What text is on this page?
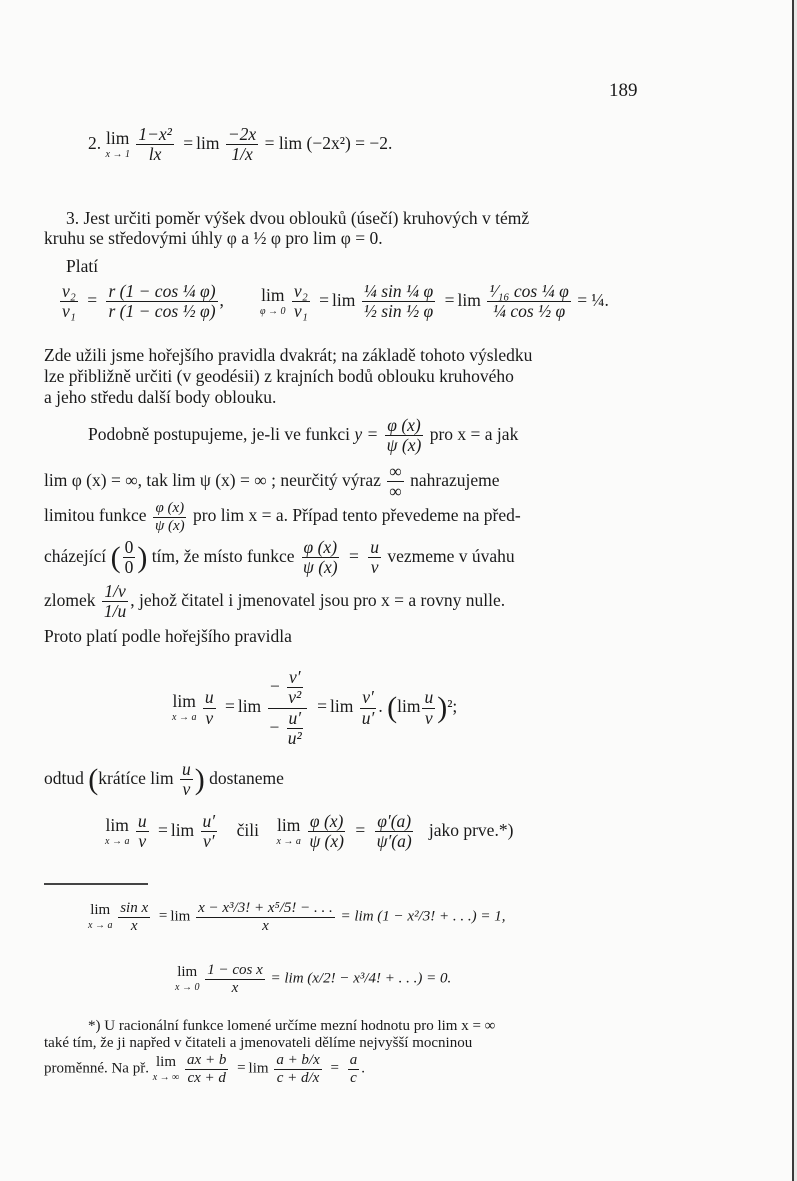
189
2. lim
x → 1
$\frac{\text{1−x²}}{lx} = \lim \frac{-2x}{1/x} = \lim (-2x^2) = -2$.
3. Jest určiti poměr výšek dvou oblouků (úsečí) kruhových v témž
kruhu se středovými úhly φ a ½ φ pro lim φ = 0.
Platí
$\frac{\text{v₂}}{\text{v₁}} = \frac{\text{r (1 − cos ¼ φ)}}{\text{r (1 − cos ½ φ)}}$ , lim
φ → 0
$\frac{\text{v₂}}{\text{v₁}} = \lim \frac{\text{¼ sin ¼ φ}}{\text{½ sin ½ φ}} = \lim \frac{\text{¹⁄₁₆ cos ¼ φ}}{\text{¼ cos ½ φ}}$ = ¼.
Zde užili jsme hořejšího pravidla dvakrát; na základě tohoto výsledku
lze přibližně určiti (v geodésii) z krajních bodů oblouku kruhového
a jeho středu další body oblouku.
Podobně postupujeme, je-li ve funkci $y = \frac{\varphi (x)}{\psi (x)}$ pro x = a jak
lim φ (x) = ∞, tak lim ψ (x) = ∞ ; neurčitý výraz $\frac{\infty}{\infty}$ nahrazujeme
limitou funkce $\frac{\varphi (x)}{\psi (x)}$ pro lim x = a. Případ tento převedeme na před-
cházející ( $\frac{0}{0}$ ) tím, že místo funkce $\frac{\varphi (x)}{\psi (x)} = \frac{u}{v}$ vezmeme v úvahu
zlomek $\frac{1/v}{1/u}$ , jehož čitatel i jmenovatel jsou pro x = a rovny nulle.
Proto platí podle hořejšího pravidla
lim
x → a
$\frac{u}{v} = \lim \frac{- \frac{v'}{\text{v²}}}{- \frac{u'}{\text{u²}}} = \lim \frac{v'}{u'}$ . $(\lim \frac{u}{v} )^2$;
odtud (krátíce $\lim \frac{u}{v}$ ) dostaneme
lim
x → a
$\frac{u}{v} = \lim \frac{u'}{v'}$ čili lim
x → a
$\frac{\varphi (x)}{\psi (x)} = \frac{\varphi'(a)}{\psi'(a)}$ jako prve.*)
lim
x → a
$\frac{\text{sin x}}{x} = \lim \frac{\text{x − x³/3! + x⁵/5! − . . .}}{x} = \lim (1 - x^2/3$! + . . .) = 1,
lim
x → 0
$\frac{\text{1 − cos x}}{x} = \lim (x/2$! − x³/4! + . . .) = 0.
*) U racionální funkce lomené určíme mezní hodnotu pro lim x = ∞
také tím, že ji napřed v čitateli a jmenovateli dělíme nejvyšší mocninou
proměnné. Na př. lim
x → ∞
$\frac{ax + b}{cx + d} = \lim \frac{a + b/x}{c + d/x} = \frac{a}{c}$ .
